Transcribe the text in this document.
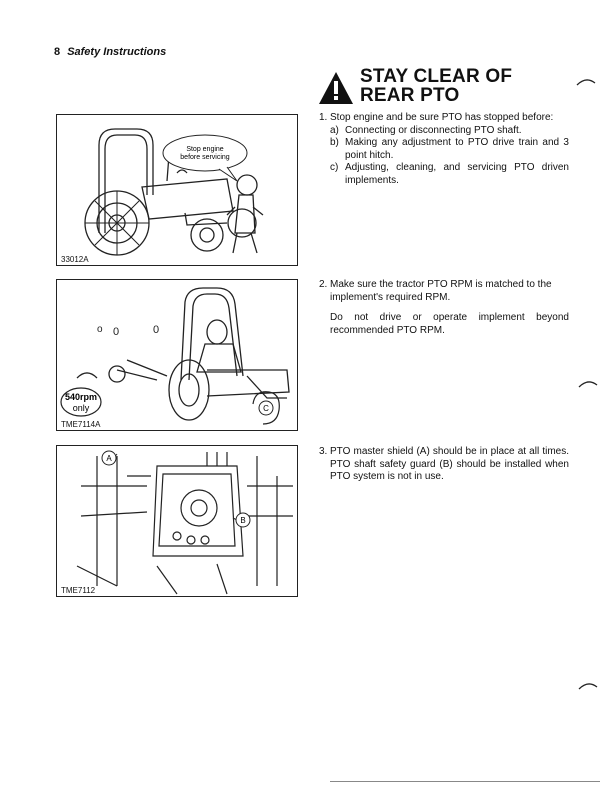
8 Safety Instructions
Stop engine
before servicing
33012A
o 0	0
540rpm
only	C
TME7114A
A
B
TME7112
STAY CLEAR OF REAR PTO
1. Stop engine and be sure PTO has stopped before:
a) Connecting or disconnecting PTO shaft.
b) Making any adjustment to PTO drive train and 3 point hitch.
c) Adjusting, cleaning, and servicing PTO driven implements.
2. Make sure the tractor PTO RPM is matched to the implement's required RPM.
Do not drive or operate implement beyond recommended PTO RPM.
3. PTO master shield (A) should be in place at all times. PTO shaft safety guard (B) should be installed when PTO system is not in use.
